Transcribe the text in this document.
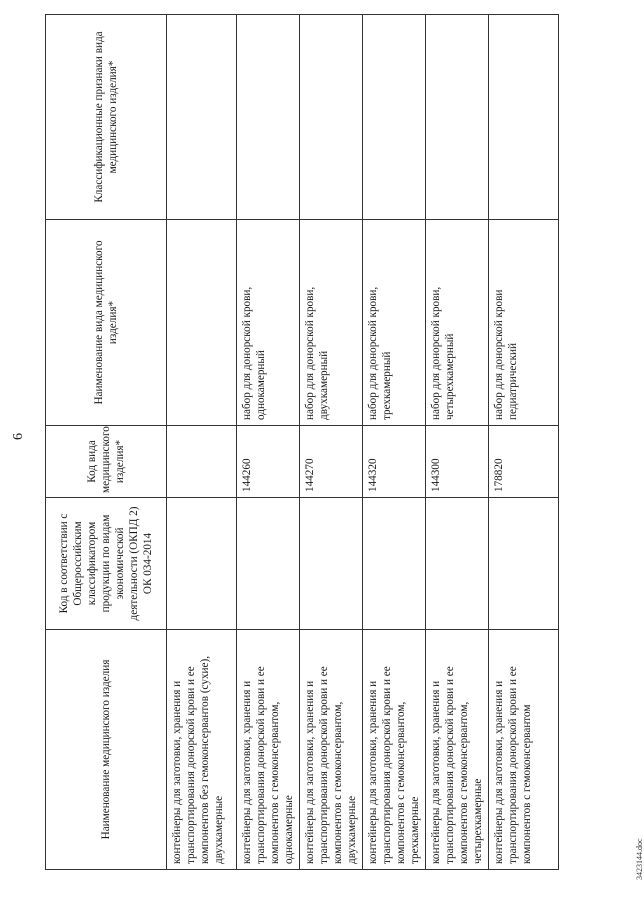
6
Наименование медицинского изделия	Код в соответствии с Общероссийским классификатором продукции по видам экономической деятельности (ОКПД 2) ОК 034-2014	Код вида медицинского изделия*	Наименование вида медицинского изделия*	Классификационные признаки вида медицинского изделия*
контейнеры для заготовки, хранения и транспортирования донорской крови и ее компонентов без гемоконсервантов (сухие), двухкамерные				
контейнеры для заготовки, хранения и транспортирования донорской крови и ее компонентов с гемоконсервантом, однокамерные		144260	набор для донорской крови, однокамерный	
контейнеры для заготовки, хранения и транспортирования донорской крови и ее компонентов с гемоконсервантом, двухкамерные		144270	набор для донорской крови, двухкамерный	
контейнеры для заготовки, хранения и транспортирования донорской крови и ее компонентов с гемоконсервантом, трехкамерные		144320	набор для донорской крови, трехкамерный	
контейнеры для заготовки, хранения и транспортирования донорской крови и ее компонентов с гемоконсервантом, четырехкамерные		144300	набор для донорской крови, четырехкамерный	
контейнеры для заготовки, хранения и транспортирования донорской крови и ее компонентов с гемоконсервантом		178820	набор для донорской крови педиатрический	
3423144.doc
